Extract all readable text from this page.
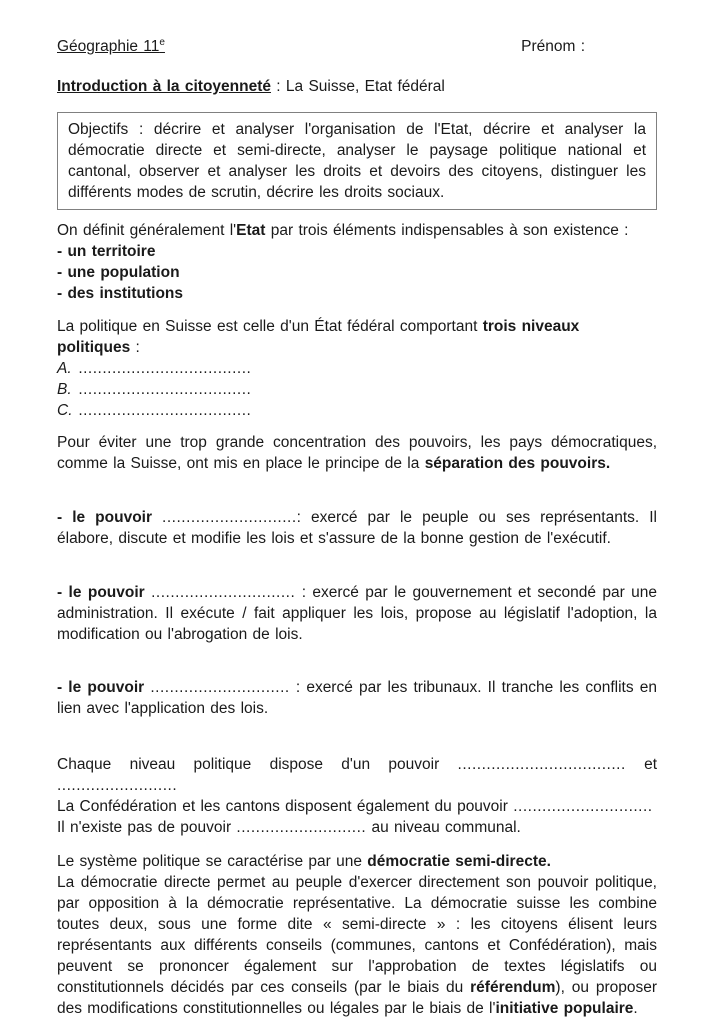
Géographie 11e	Prénom :
Introduction à la citoyenneté : La Suisse, Etat fédéral
Objectifs : décrire et analyser l'organisation de l'Etat, décrire et analyser la démocratie directe et semi-directe, analyser le paysage politique national et cantonal, observer et analyser les droits et devoirs des citoyens, distinguer les différents modes de scrutin, décrire les droits sociaux.

On définit généralement l'Etat par trois éléments indispensables à son existence :

- un territoire

- une population

- des institutions

La politique en Suisse est celle d'un État fédéral comportant trois niveaux politiques :

A. ....................................

B. ....................................

C. ....................................

Pour éviter une trop grande concentration des pouvoirs, les pays démocratiques, comme la Suisse, ont mis en place le principe de la séparation des pouvoirs.
- le pouvoir ............................: exercé par le peuple ou ses représentants. Il élabore, discute et modifie les lois et s'assure de la bonne gestion de l'exécutif.
- le pouvoir .............................. : exercé par le gouvernement et secondé par une administration. Il exécute / fait appliquer les lois, propose au législatif l'adoption, la modification ou l'abrogation de lois.
- le pouvoir ............................. : exercé par les tribunaux. Il tranche les conflits en lien avec l'application des lois.

Chaque niveau politique dispose d'un pouvoir ................................... et .........................

La Confédération et les cantons disposent également du pouvoir .............................

Il n'existe pas de pouvoir ........................... au niveau communal.

Le système politique se caractérise par une démocratie semi-directe.

La démocratie directe permet au peuple d'exercer directement son pouvoir politique, par opposition à la démocratie représentative. La démocratie suisse les combine toutes deux, sous une forme dite « semi-directe » : les citoyens élisent leurs représentants aux différents conseils (communes, cantons et Confédération), mais peuvent se prononcer également sur l'approbation de textes législatifs ou constitutionnels décidés par ces conseils (par le biais du référendum), ou proposer des modifications constitutionnelles ou légales par le biais de l'initiative populaire.
